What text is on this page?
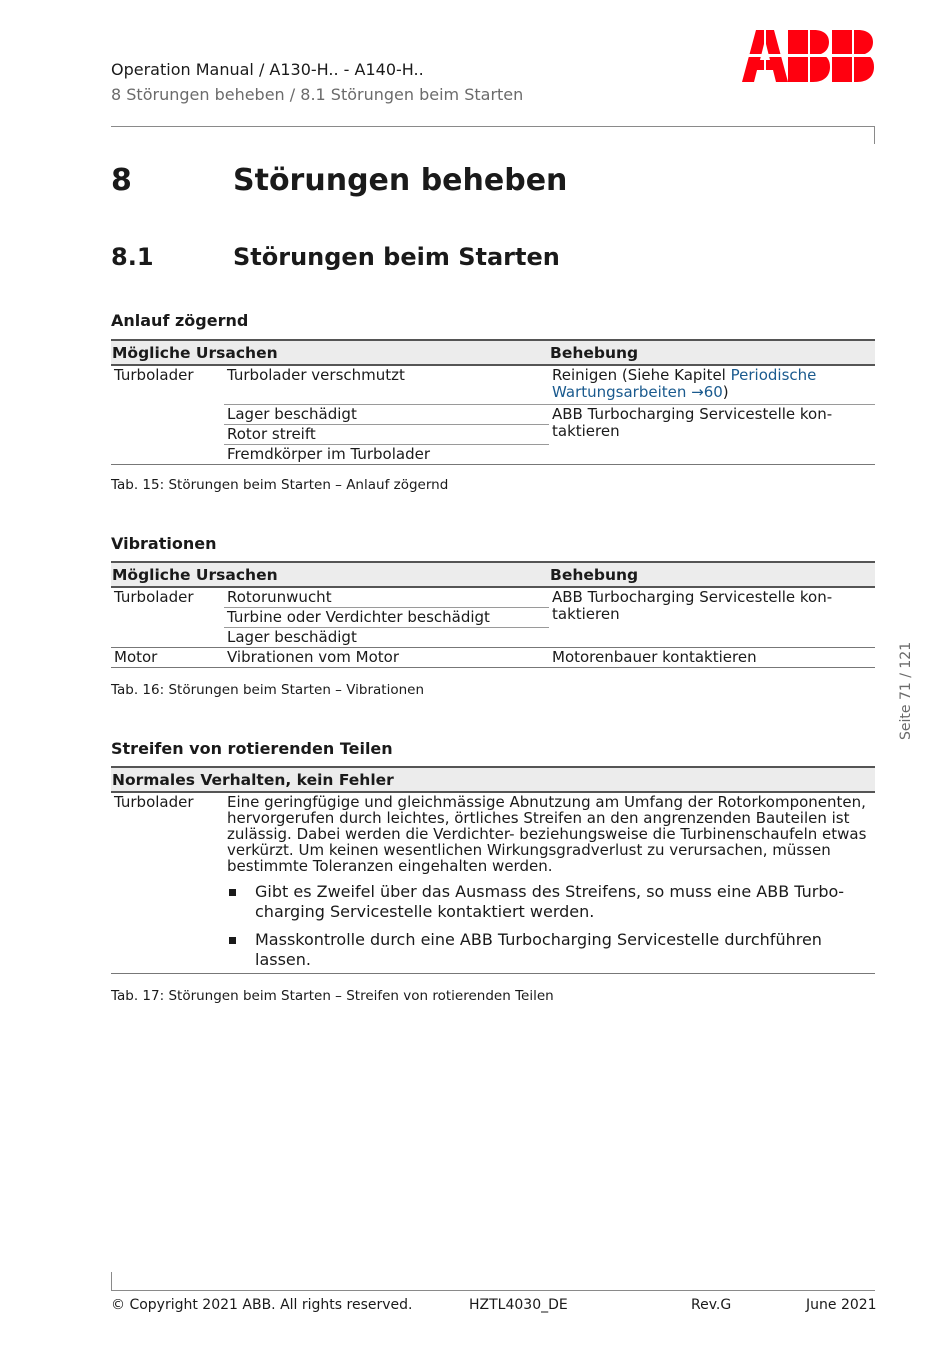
Operation Manual / A130-H.. - A140-H..
8 Störungen beheben / 8.1 Störungen beim Starten
8	Störungen beheben
8.1	Störungen beim Starten
Anlauf zögernd
Mögliche Ursachen		Behebung
Turbolader	Turbolader verschmutzt	Reinigen (Siehe Kapitel Periodische Wartungsarbeiten →60)
	Lager beschädigt	ABB Turbocharging Servicestelle kontaktieren
	Rotor streift	
	Fremdkörper im Turbolader	
Tab. 15: Störungen beim Starten – Anlauf zögernd
Vibrationen
Mögliche Ursachen		Behebung
Turbolader	Rotorunwucht	ABB Turbocharging Servicestelle kontaktieren
	Turbine oder Verdichter beschädigt	
	Lager beschädigt	
Motor	Vibrationen vom Motor	Motorenbauer kontaktieren
Tab. 16: Störungen beim Starten – Vibrationen
Streifen von rotierenden Teilen
Normales Verhalten, kein Fehler
Turbolader	Eine geringfügige und gleichmässige Abnutzung am Umfang der Rotorkomponenten, hervorgerufen durch leichtes, örtliches Streifen an den angrenzenden Bauteilen ist zulässig. Dabei werden die Verdichter- beziehungsweise die Turbinenschaufeln etwas verkürzt. Um keinen wesentlichen Wirkungsgradverlust zu verursachen, müssen bestimmte Toleranzen eingehalten werden.
Gibt es Zweifel über das Ausmass des Streifens, so muss eine ABB Turbocharging Servicestelle kontaktiert werden.
Masskontrolle durch eine ABB Turbocharging Servicestelle durchführen lassen.
Tab. 17: Störungen beim Starten – Streifen von rotierenden Teilen
Seite 71 / 121
© Copyright 2021 ABB. All rights reserved.	HZTL4030_DE	Rev.G	June 2021
